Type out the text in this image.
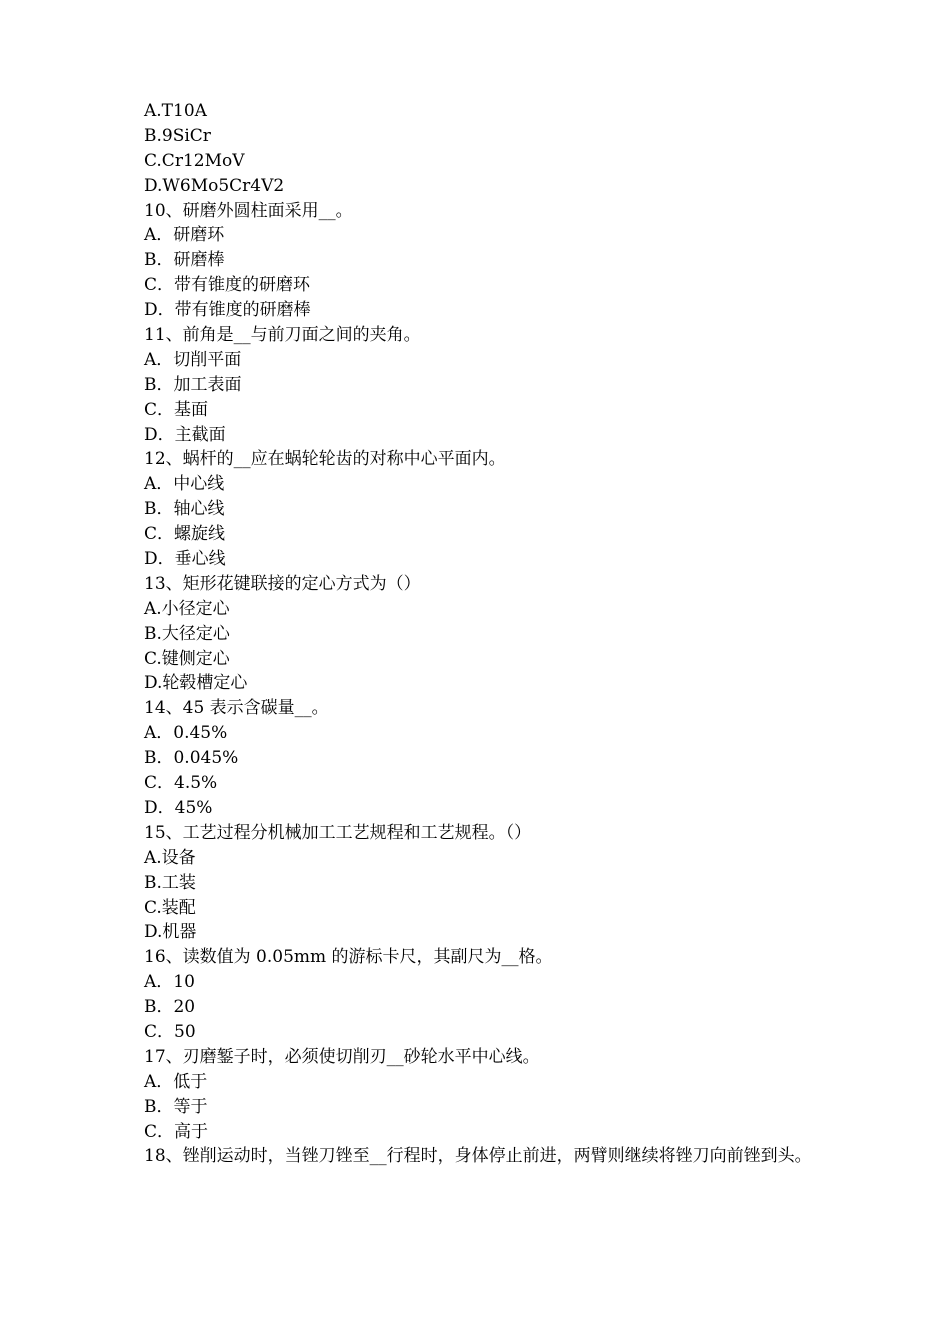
A.T10A
B.9SiCr
C.Cr12MoV
D.W6Mo5Cr4V2
10、研磨外圆柱面采用__。
A．研磨环
B．研磨棒
C．带有锥度的研磨环
D．带有锥度的研磨棒
11、前角是__与前刀面之间的夹角。
A．切削平面
B．加工表面
C．基面
D．主截面
12、蜗杆的__应在蜗轮轮齿的对称中心平面内。
A．中心线
B．轴心线
C．螺旋线
D．垂心线
13、矩形花键联接的定心方式为（）
A.小径定心
B.大径定心
C.键侧定心
D.轮毂槽定心
14、45 表示含碳量__。
A．0.45%
B．0.045%
C．4.5%
D．45%
15、工艺过程分机械加工工艺规程和工艺规程。（）
A.设备
B.工装
C.装配
D.机器
16、读数值为 0.05mm 的游标卡尺，其副尺为__格。
A．10
B．20
C．50
17、刃磨錾子时，必须使切削刃__砂轮水平中心线。
A．低于
B．等于
C．高于
18、锉削运动时，当锉刀锉至__行程时，身体停止前进，两臂则继续将锉刀向前锉到头。
